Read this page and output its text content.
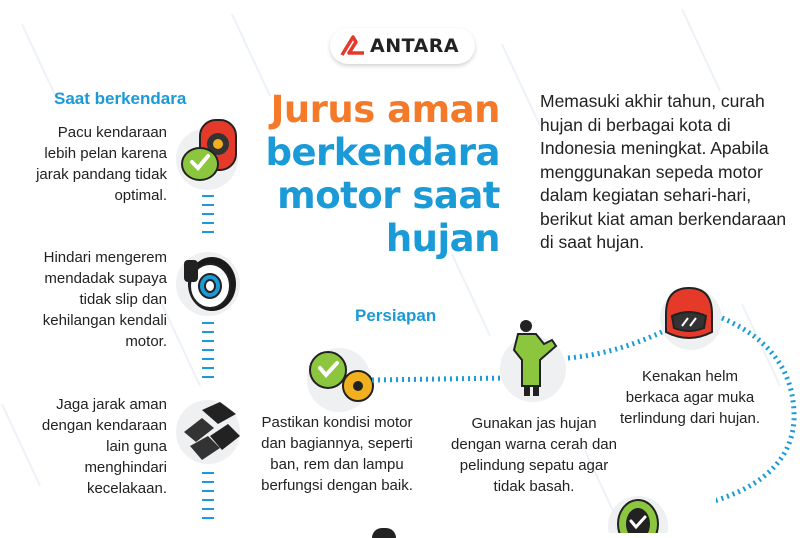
ANTARA
Jurus aman
berkendara
motor saat
hujan
Memasuki akhir tahun, curah hujan di berbagai kota di Indonesia meningkat. Apabila menggunakan sepeda motor dalam kegiatan sehari-hari, berikut kiat aman berkendaraan di saat hujan.
Saat berkendara
Pacu kendaraan lebih pelan karena jarak pandang tidak optimal.
Hindari mengerem mendadak supaya tidak slip dan kehilangan kendali motor.
Jaga jarak aman dengan kendaraan lain guna menghindari kecelakaan.
Persiapan
Pastikan kondisi motor dan bagiannya, seperti ban, rem dan lampu berfungsi dengan baik.
Gunakan jas hujan dengan warna cerah dan pelindung sepatu agar tidak basah.
Kenakan helm berkaca agar muka terlindung dari hujan.
